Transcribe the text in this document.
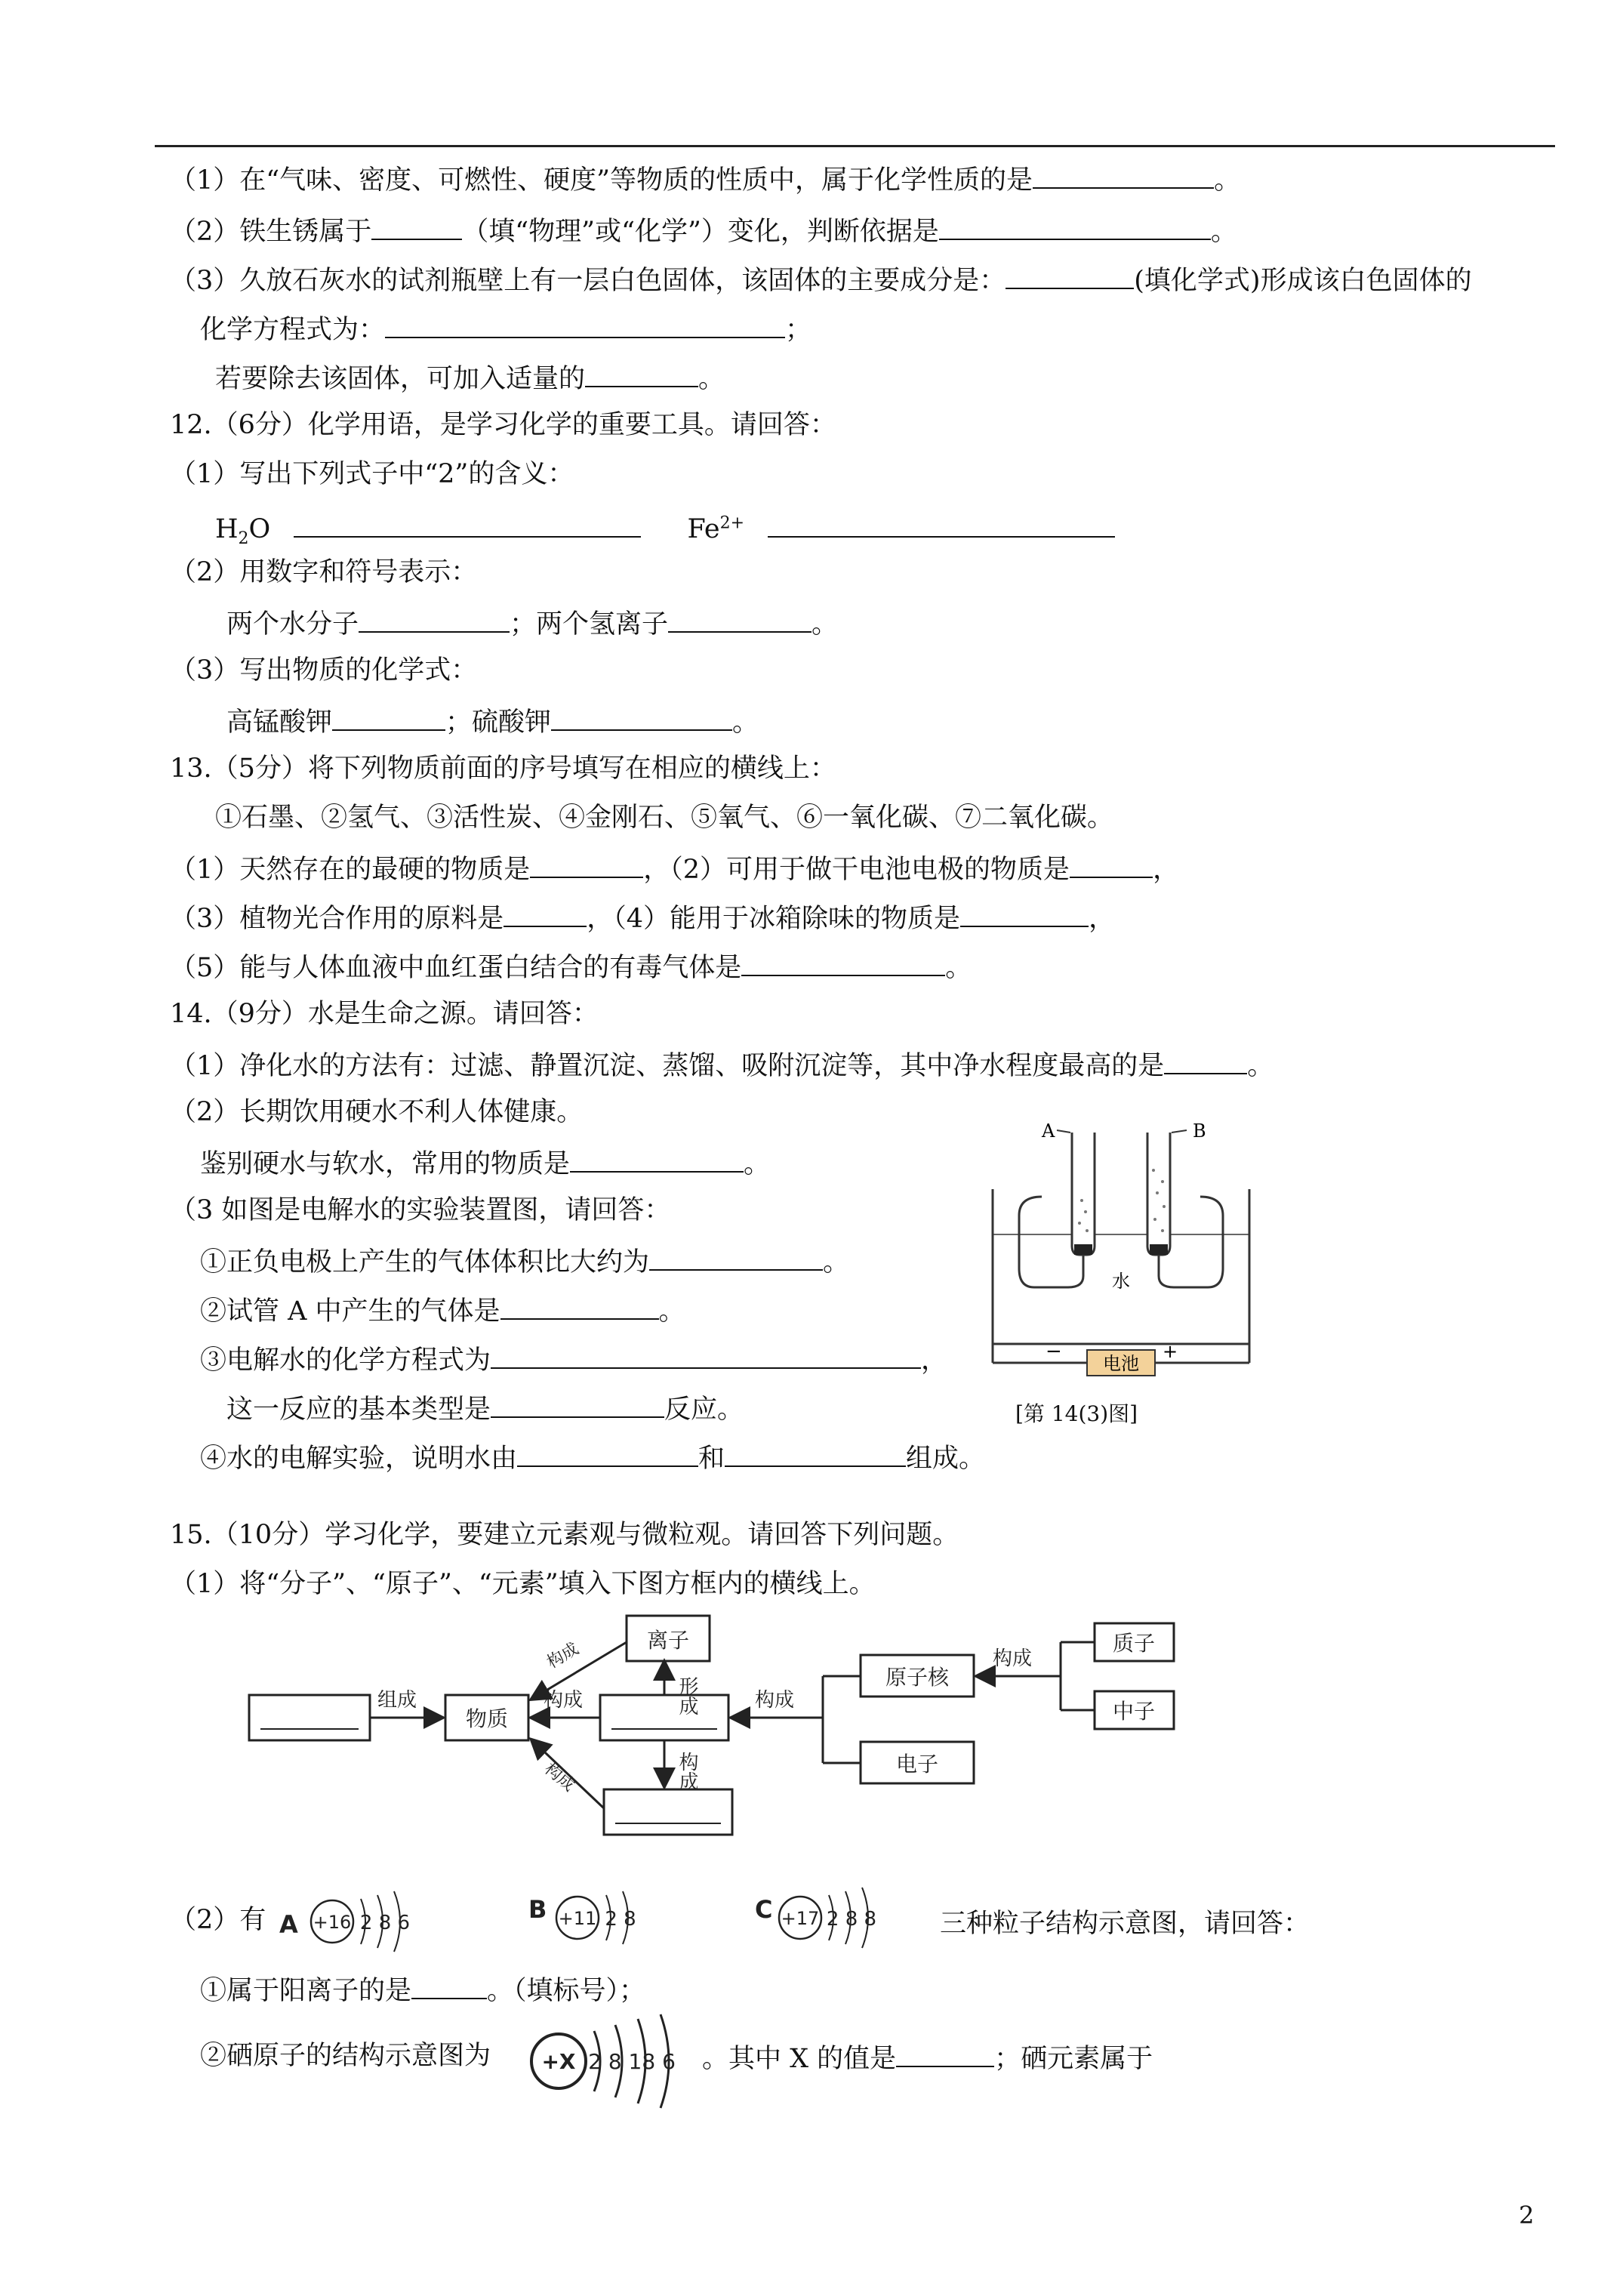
（1）在“气味、密度、可燃性、硬度”等物质的性质中，属于化学性质的是	。
（2）铁生锈属于	（填“物理”或“化学”）变化，判断依据是	。
（3）久放石灰水的试剂瓶壁上有一层白色固体，该固体的主要成分是：	(填化学式)形成该白色固体的
化学方程式为：	；
若要除去该固体，可加入适量的	。
12.（6分）化学用语，是学习化学的重要工具。请回答：
（1）写出下列式子中“2”的含义：
$H_2O$	$Fe^{2+}$
（2）用数字和符号表示：
两个水分子	；两个氢离子	。
（3）写出物质的化学式：
高锰酸钾	；硫酸钾	。
13.（5分）将下列物质前面的序号填写在相应的横线上：
①石墨、②氢气、③活性炭、④金刚石、⑤氧气、⑥一氧化碳、⑦二氧化碳。
（1）天然存在的最硬的物质是	，（2）可用于做干电池电极的物质是	，
（3）植物光合作用的原料是	，（4）能用于冰箱除味的物质是	，
（5）能与人体血液中血红蛋白结合的有毒气体是	。
14.（9分）水是生命之源。请回答：
（1）净化水的方法有：过滤、静置沉淀、蒸馏、吸附沉淀等，其中净水程度最高的是	。
（2）长期饮用硬水不利人体健康。
鉴别硬水与软水，常用的物质是	。
（3 如图是电解水的实验装置图，请回答：
①正负电极上产生的气体体积比大约为	。
②试管 A 中产生的气体是	。
③电解水的化学方程式为	，
这一反应的基本类型是	反应。
④水的电解实验，说明水由	和	组成。
−	+
电池
A	B
水
[第 14(3)图]
15.（10分）学习化学，要建立元素观与微粒观。请回答下列问题。
（1）将“分子”、“原子”、“元素”填入下图方框内的横线上。
组成
物质
离子
构成
构成	形成
构成
构成
构成
原子核
电子
构成
质子
中子
（2）有 A +16 2 8 6	B +11 2 8	C +17 2 8 8 三种粒子结构示意图，请回答：
①属于阳离子的是	。（填标号）；
②硒原子的结构示意图为 +X 2 8 18 6 。其中 X 的值是	；硒元素属于
2
